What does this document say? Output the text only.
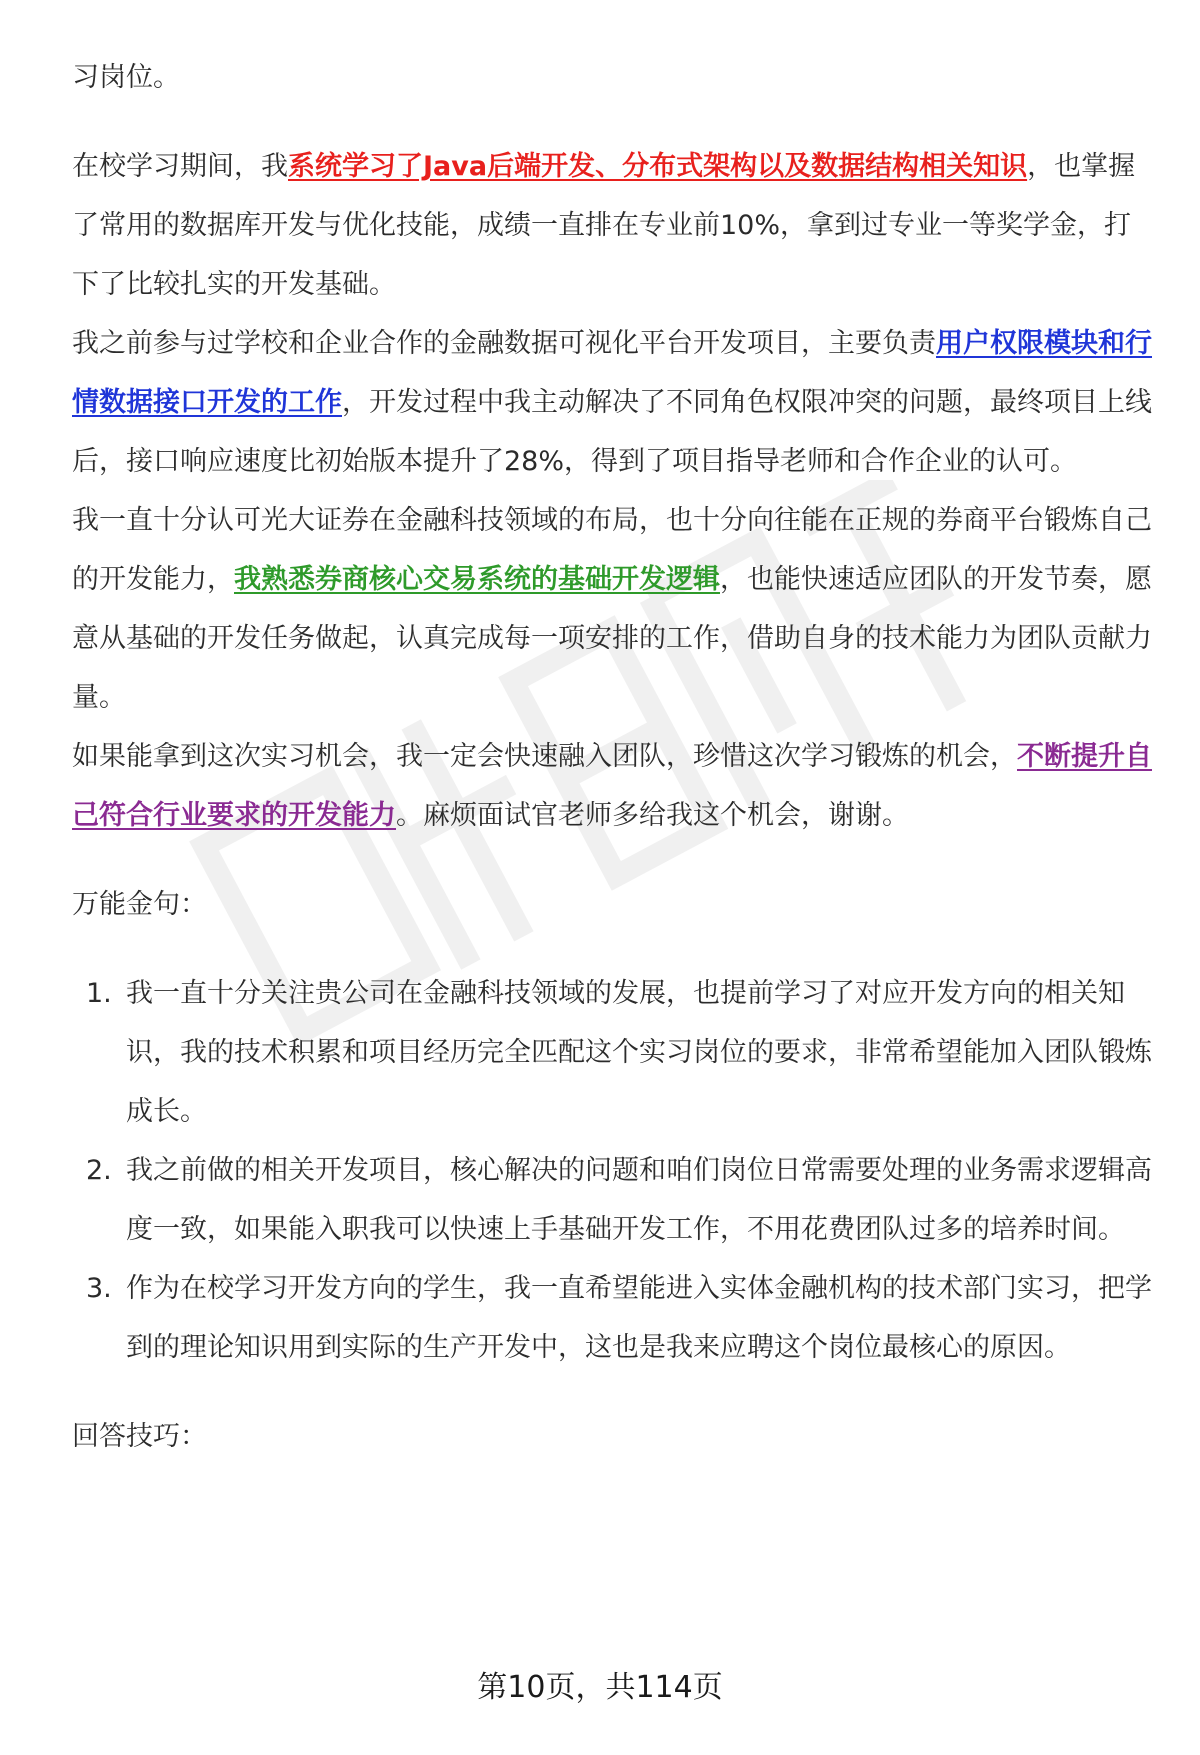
习岗位。

在校学习期间，我系统学习了Java后端开发、分布式架构以及数据结构相关知识，也掌握了常用的数据库开发与优化技能，成绩一直排在专业前10%，拿到过专业一等奖学金，打下了比较扎实的开发基础。

我之前参与过学校和企业合作的金融数据可视化平台开发项目，主要负责用户权限模块和行情数据接口开发的工作，开发过程中我主动解决了不同角色权限冲突的问题，最终项目上线后，接口响应速度比初始版本提升了28%，得到了项目指导老师和合作企业的认可。

我一直十分认可光大证券在金融科技领域的布局，也十分向往能在正规的券商平台锻炼自己的开发能力，我熟悉券商核心交易系统的基础开发逻辑，也能快速适应团队的开发节奏，愿意从基础的开发任务做起，认真完成每一项安排的工作，借助自身的技术能力为团队贡献力量。

如果能拿到这次实习机会，我一定会快速融入团队，珍惜这次学习锻炼的机会，不断提升自己符合行业要求的开发能力。麻烦面试官老师多给我这个机会，谢谢。

万能金句：

1. 我一直十分关注贵公司在金融科技领域的发展，也提前学习了对应开发方向的相关知识，我的技术积累和项目经历完全匹配这个实习岗位的要求，非常希望能加入团队锻炼成长。
2. 我之前做的相关开发项目，核心解决的问题和咱们岗位日常需要处理的业务需求逻辑高度一致，如果能入职我可以快速上手基础开发工作，不用花费团队过多的培养时间。
3. 作为在校学习开发方向的学生，我一直希望能进入实体金融机构的技术部门实习，把学到的理论知识用到实际的生产开发中，这也是我来应聘这个岗位最核心的原因。

回答技巧：

第10页，共114页
